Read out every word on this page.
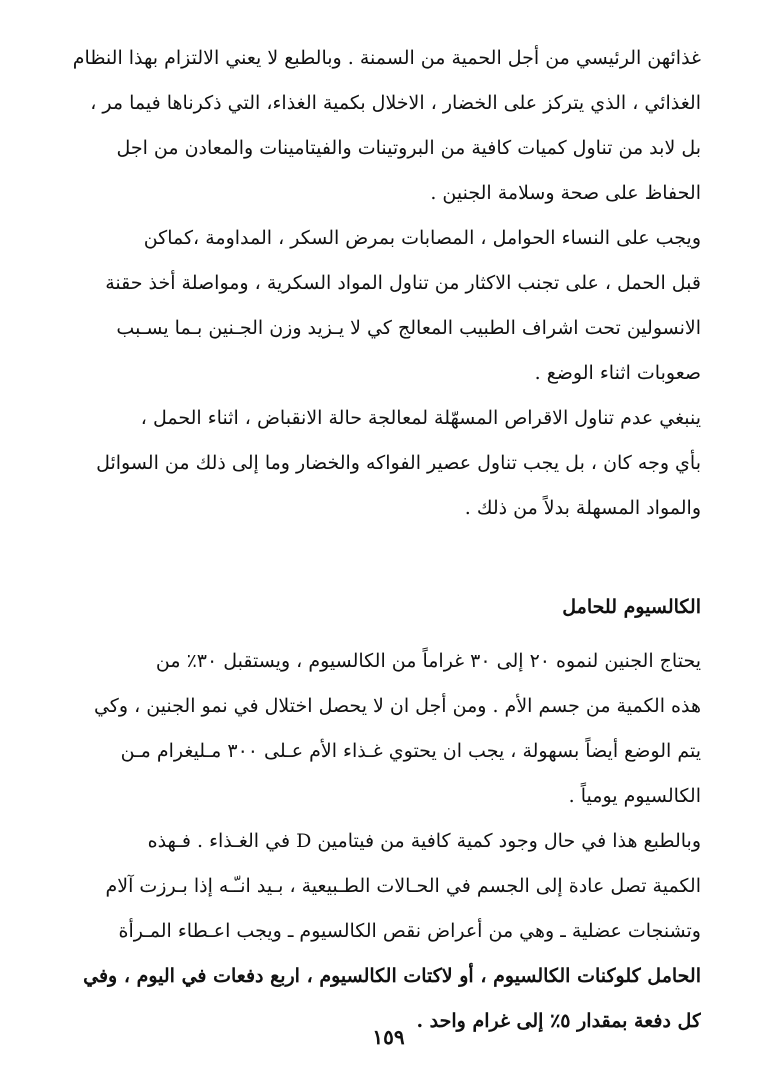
غذائهن الرئيسي من أجل الحمية من السمنة . وبالطبع لا يعني الالتزام بهذا النظام
الغذائي ، الذي يتركز على الخضار ، الاخلال بكمية الغذاء، التي ذكرناها فيما مر ،
بل لابد من تناول كميات كافية من البروتينات والفيتامينات والمعادن من اجل
الحفاظ على صحة وسلامة الجنين .

ويجب على النساء الحوامل ، المصابات بمرض السكر ، المداومة ،كماكن
قبل الحمل ، على تجنب الاكثار من تناول المواد السكرية ، ومواصلة أخذ حقنة
الانسولين تحت اشراف الطبيب المعالج كي لا يـزيد وزن الجـنين بـما يسـبب
صعوبات اثناء الوضع .

ينبغي عدم تناول الاقراص المسهّلة لمعالجة حالة الانقباض ، اثناء الحمل ،
بأي وجه كان ، بل يجب تناول عصير الفواكه والخضار وما إلى ذلك من السوائل
والمواد المسهلة بدلاً من ذلك .

الكالسيوم للحامل

يحتاج الجنين لنموه ٢٠ إلى ٣٠ غراماً من الكالسيوم ، ويستقبل ٣٠٪ من
هذه الكمية من جسم الأم . ومن أجل ان لا يحصل اختلال في نمو الجنين ، وكي
يتم الوضع أيضاً بسهولة ، يجب ان يحتوي غـذاء الأم عـلى ٣٠٠ مـليغرام مـن
الكالسيوم يومياً .

وبالطبع هذا في حال وجود كمية كافية من فيتامين D في الغـذاء . فـهذه
الكمية تصل عادة إلى الجسم في الحـالات الطـبيعية ، بـيد انـّـه إذا بـرزت آلام
وتشنجات عضلية ـ وهي من أعراض نقص الكالسيوم ـ ويجب اعـطاء المـرأة
الحامل كلوكنات الكالسيوم ، أو لاكتات الكالسيوم ، اربع دفعات في اليوم ، وفي
كل دفعة بمقدار ٥٪ إلى غرام واحد .

١٥٩
